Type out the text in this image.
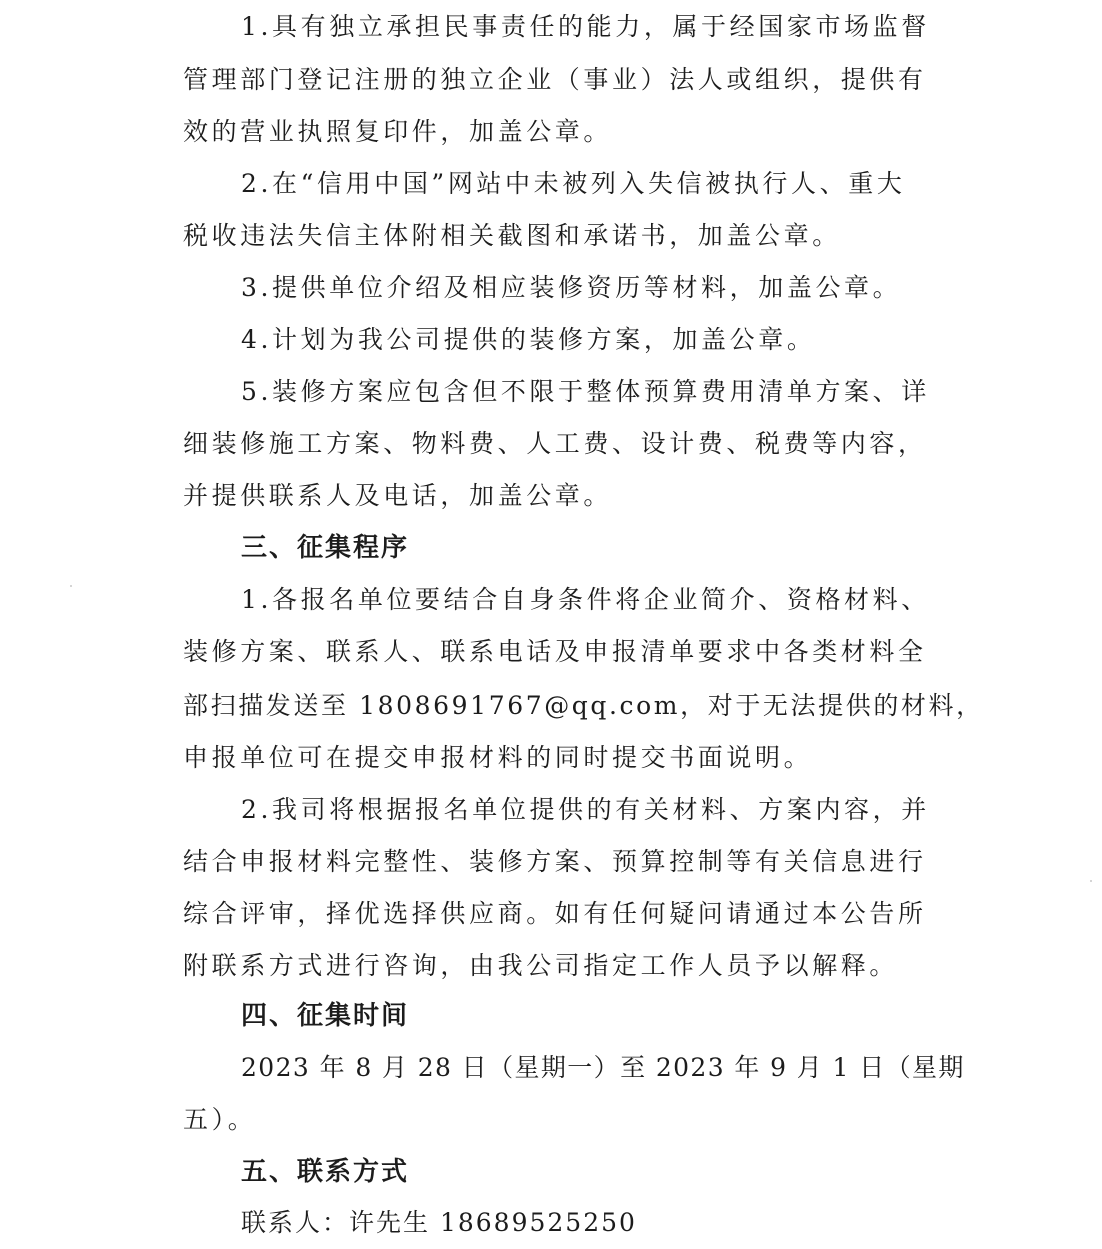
1.具有独立承担民事责任的能力，属于经国家市场监督
管理部门登记注册的独立企业（事业）法人或组织，提供有
效的营业执照复印件，加盖公章。
2.在“信用中国”网站中未被列入失信被执行人、重大
税收违法失信主体附相关截图和承诺书，加盖公章。
3.提供单位介绍及相应装修资历等材料，加盖公章。
4.计划为我公司提供的装修方案，加盖公章。
5.装修方案应包含但不限于整体预算费用清单方案、详
细装修施工方案、物料费、人工费、设计费、税费等内容，
并提供联系人及电话，加盖公章。
三、征集程序
1.各报名单位要结合自身条件将企业简介、资格材料、
装修方案、联系人、联系电话及申报清单要求中各类材料全
部扫描发送至 1808691767@qq.com，对于无法提供的材料，
申报单位可在提交申报材料的同时提交书面说明。
2.我司将根据报名单位提供的有关材料、方案内容，并
结合申报材料完整性、装修方案、预算控制等有关信息进行
综合评审，择优选择供应商。如有任何疑问请通过本公告所
附联系方式进行咨询，由我公司指定工作人员予以解释。
四、征集时间
2023 年 8 月 28 日（星期一）至 2023 年 9 月 1 日（星期
五）。
五、联系方式
联系人：许先生 18689525250
